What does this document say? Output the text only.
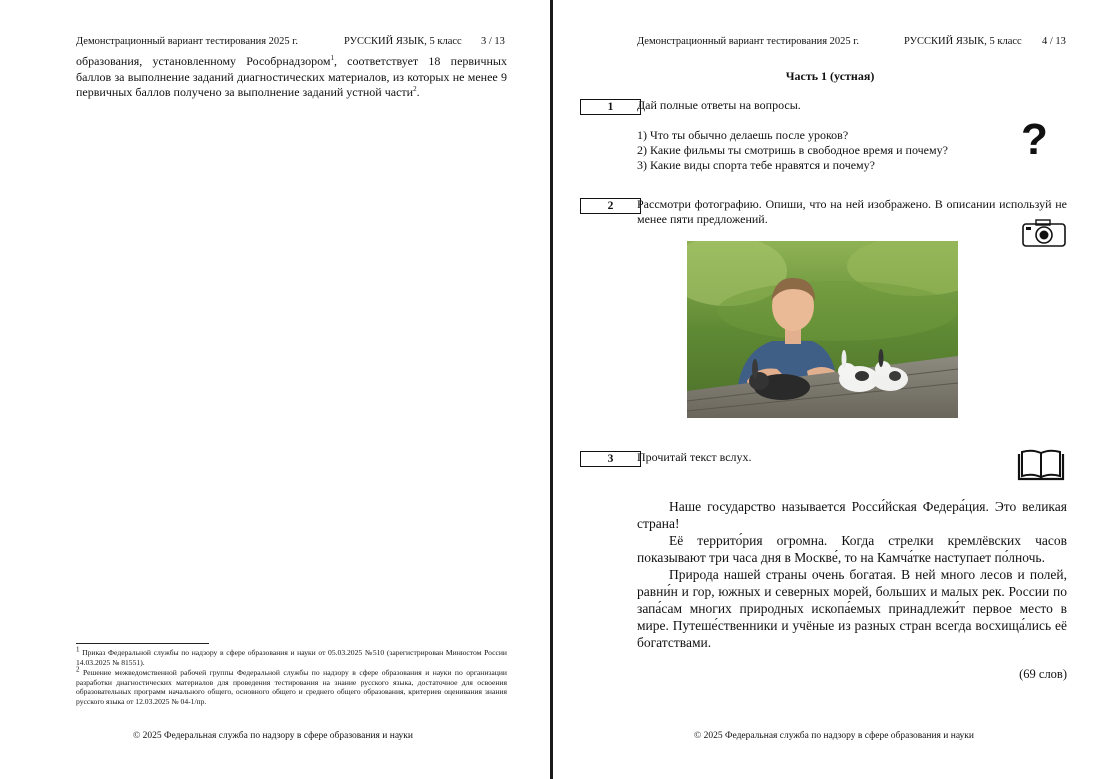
Демонстрационный вариант тестирования 2025 г.	РУССКИЙ ЯЗЫК, 5 класс 3 / 13
образования, установленному Рособрнадзором$^1$, соответствует 18 первичных баллов за выполнение заданий диагностических материалов, из которых не менее 9 первичных баллов получено за выполнение заданий устной части$^2$.

$^1$ Приказ Федеральной службы по надзору в сфере образования и науки от 05.03.2025 №510 (зарегистрирован Минюстом России 14.03.2025 № 81551).

$^2$ Решение межведомственной рабочей группы Федеральной службы по надзору в сфере образования и науки по организации разработки диагностических материалов для проведения тестирования на знание русского языка, достаточное для освоения образовательных программ начального общего, основного общего и среднего общего образования, критериев оценивания знания русского языка от 12.03.2025 № 04-1/пр.

© 2025 Федеральная служба по надзору в сфере образования и науки
Демонстрационный вариант тестирования 2025 г.	РУССКИЙ ЯЗЫК, 5 класс 4 / 13
Часть 1 (устная)
1	Дай полные ответы на вопросы.
1) Что ты обычно делаешь после уроков?
2) Какие фильмы ты смотришь в свободное время и почему?
3) Какие виды спорта тебе нравятся и почему?
?
2	Рассмотри фотографию. Опиши, что на ней изображено. В описании используй не менее пяти предложений.
3	Прочитай текст вслух.

Наше государство называется Росси́йская Федера́ция. Это великая страна!

Её террито́рия огромна. Когда стрелки кремлёвских часов показывают три часа дня в Москве́, то на Камча́тке наступает по́лночь.

Природа нашей страны очень богатая. В ней много лесов и полей, равни́н и гор, южных и северных морей, больших и малых рек. России по запа́сам многих природных ископа́емых принадлежи́т первое место в мире. Путеше́ственники и учёные из разных стран всегда восхища́лись её богатствами.

(69 слов)
© 2025 Федеральная служба по надзору в сфере образования и науки
